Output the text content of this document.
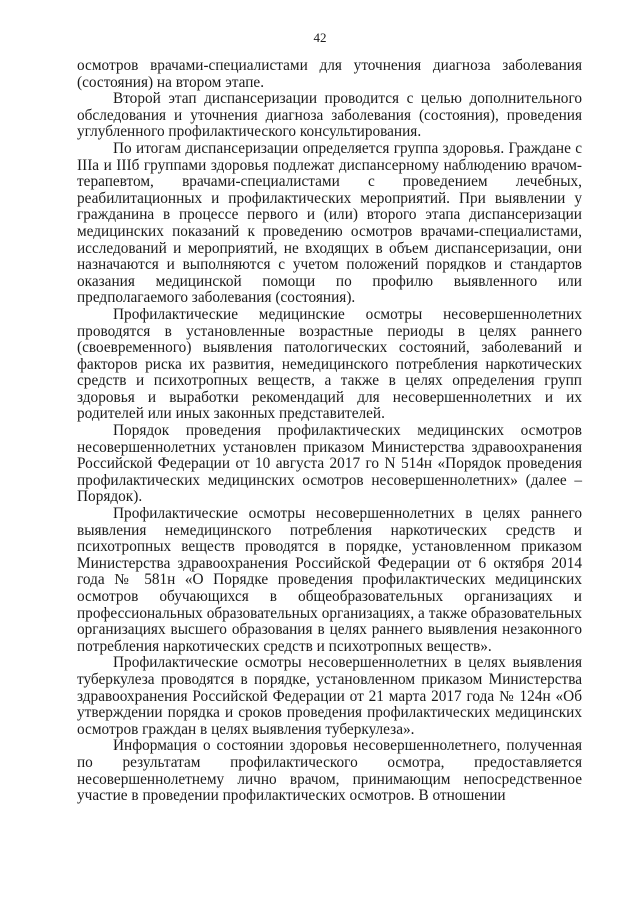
42

осмотров врачами-специалистами для уточнения диагноза заболевания (состояния) на втором этапе.

Второй этап диспансеризации проводится с целью дополнительного обследования и уточнения диагноза заболевания (состояния), проведения углубленного профилактического консультирования.

По итогам диспансеризации определяется группа здоровья. Граждане с IIIа и IIIб группами здоровья подлежат диспансерному наблюдению врачом-терапевтом, врачами-специалистами с проведением лечебных, реабилитационных и профилактических мероприятий. При выявлении у гражданина в процессе первого и (или) второго этапа диспансеризации медицинских показаний к проведению осмотров врачами-специалистами, исследований и мероприятий, не входящих в объем диспансеризации, они назначаются и выполняются с учетом положений порядков и стандартов оказания медицинской помощи по профилю выявленного или предполагаемого заболевания (состояния).

Профилактические медицинские осмотры несовершеннолетних проводятся в установленные возрастные периоды в целях раннего (своевременного) выявления патологических состояний, заболеваний и факторов риска их развития, немедицинского потребления наркотических средств и психотропных веществ, а также в целях определения групп здоровья и выработки рекомендаций для несовершеннолетних и их родителей или иных законных представителей.

Порядок проведения профилактических медицинских осмотров несовершеннолетних установлен приказом Министерства здравоохранения Российской Федерации от 10 августа 2017 го N 514н «Порядок проведения профилактических медицинских осмотров несовершеннолетних» (далее – Порядок).

Профилактические осмотры несовершеннолетних в целях раннего выявления немедицинского потребления наркотических средств и психотропных веществ проводятся в порядке, установленном приказом Министерства здравоохранения Российской Федерации от 6 октября 2014 года № 581н «О Порядке проведения профилактических медицинских осмотров обучающихся в общеобразовательных организациях и профессиональных образовательных организациях, а также образовательных организациях высшего образования в целях раннего выявления незаконного потребления наркотических средств и психотропных веществ».

Профилактические осмотры несовершеннолетних в целях выявления туберкулеза проводятся в порядке, установленном приказом Министерства здравоохранения Российской Федерации от 21 марта 2017 года № 124н «Об утверждении порядка и сроков проведения профилактических медицинских осмотров граждан в целях выявления туберкулеза».

Информация о состоянии здоровья несовершеннолетнего, полученная по результатам профилактического осмотра, предоставляется несовершеннолетнему лично врачом, принимающим непосредственное участие в проведении профилактических осмотров. В отношении
